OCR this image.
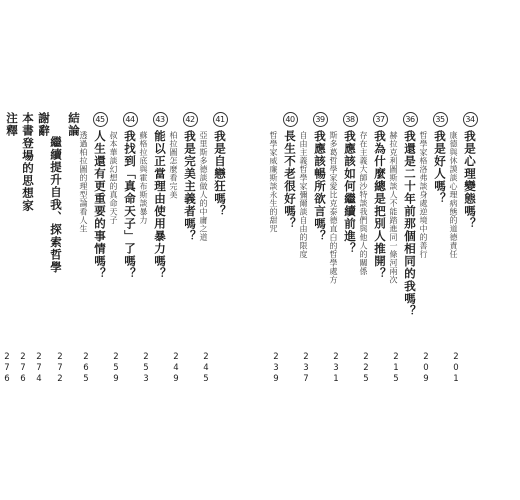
34
我是心理變態嗎？
康德與休謨談心理病態的道德責任
201
35
我是好人嗎？
哲學家格洛弗談身處逆境中的善行
209
36
我還是二十年前那個相同的我嗎？
赫拉克利圖斯談人不能踏進同一條河兩次
215
37
我為什麼總是把別人推開？
存在主義大師沙特談我們與他人的關係
225
38
我應該如何繼續前進？
斯多葛哲學家愛比克泰德直白的哲學處方
231
39
我應該暢所欲言嗎？
自由主義哲學家彌爾談自由的限度
237
40
長生不老很好嗎？
哲學家威廉斯談永生的甜咒
239
41
我是自戀狂嗎？
亞里斯多德談做人的中庸之道
245
42
我是完美主義者嗎？
柏拉圖怎麼看完美
249
43
能以正當理由使用暴力嗎？
蘇格拉底與霍布斯談暴力
253
44
我找到「真命天子」了嗎？
叔本華談幻想的真命天子
259
45
人生還有更重要的事情嗎？
透過柏拉圖的理型論看人生
265
結論
繼續提升自我、探索哲學
272
謝辭
274
本書登場的思想家
276
注釋
276
